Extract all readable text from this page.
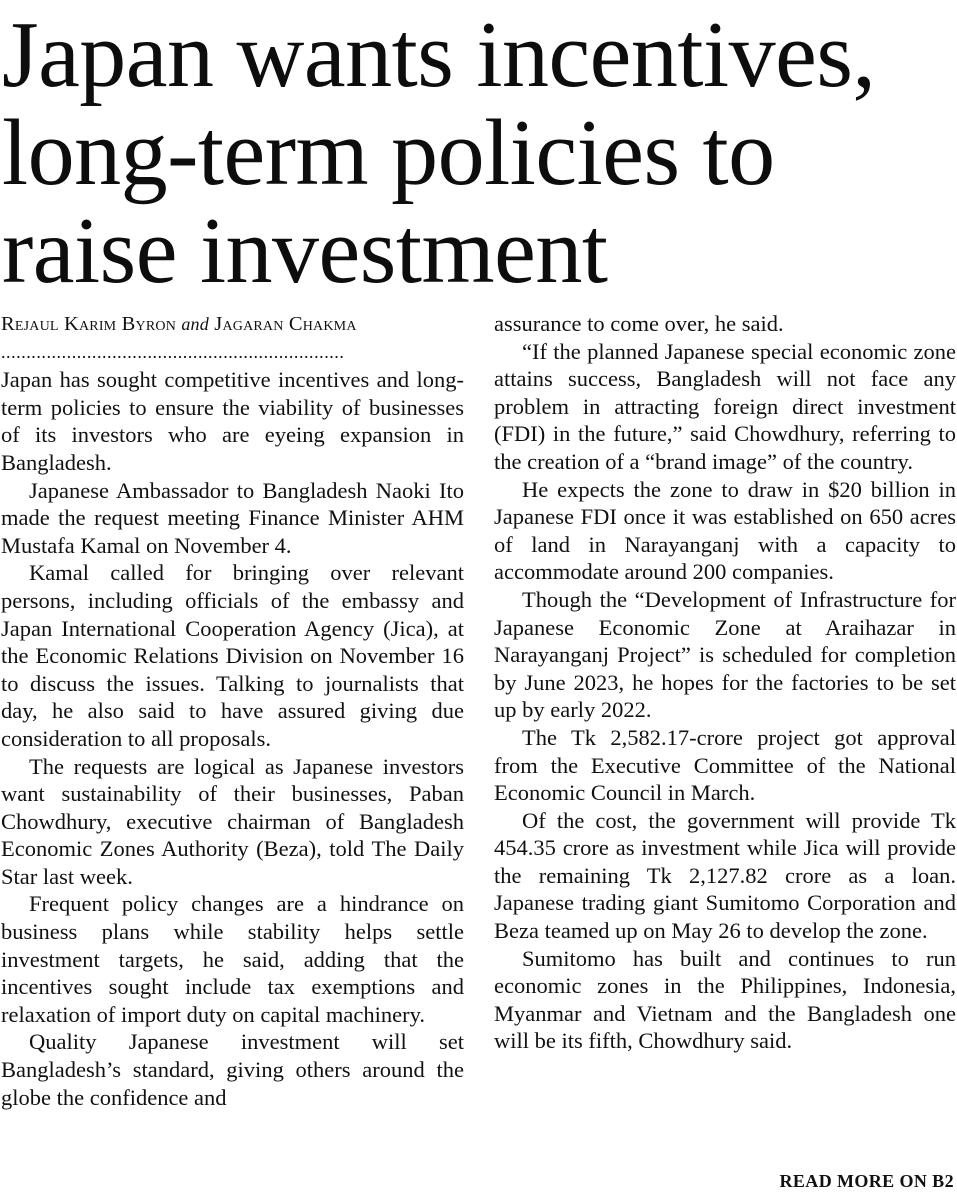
Japan wants incentives,
long-term policies to
raise investment
Rejaul Karim Byron and Jagaran Chakma
....................................................................

Japan has sought competitive incentives and long-term policies to ensure the viability of businesses of its investors who are eyeing expansion in Bangladesh.

Japanese Ambassador to Bangladesh Naoki Ito made the request meeting Finance Minister AHM Mustafa Kamal on November 4.

Kamal called for bringing over relevant persons, including officials of the embassy and Japan International Cooperation Agency (Jica), at the Economic Relations Division on November 16 to discuss the issues. Talking to journalists that day, he also said to have assured giving due consideration to all proposals.

The requests are logical as Japanese investors want sustainability of their businesses, Paban Chowdhury, executive chairman of Bangladesh Economic Zones Authority (Beza), told The Daily Star last week.

Frequent policy changes are a hindrance on business plans while stability helps settle investment targets, he said, adding that the incentives sought include tax exemptions and relaxation of import duty on capital machinery.

Quality Japanese investment will set Bangladesh’s standard, giving others around the globe the confidence and

assurance to come over, he said.

“If the planned Japanese special economic zone attains success, Bangladesh will not face any problem in attracting foreign direct investment (FDI) in the future,” said Chowdhury, referring to the creation of a “brand image” of the country.

He expects the zone to draw in $20 billion in Japanese FDI once it was established on 650 acres of land in Narayanganj with a capacity to accommodate around 200 companies.

Though the “Development of Infrastructure for Japanese Economic Zone at Araihazar in Narayanganj Project” is scheduled for completion by June 2023, he hopes for the factories to be set up by early 2022.

The Tk 2,582.17-crore project got approval from the Executive Committee of the National Economic Council in March.

Of the cost, the government will provide Tk 454.35 crore as investment while Jica will provide the remaining Tk 2,127.82 crore as a loan. Japanese trading giant Sumitomo Corporation and Beza teamed up on May 26 to develop the zone.

Sumitomo has built and continues to run economic zones in the Philippines, Indonesia, Myanmar and Vietnam and the Bangladesh one will be its fifth, Chowdhury said.

READ MORE ON B2
